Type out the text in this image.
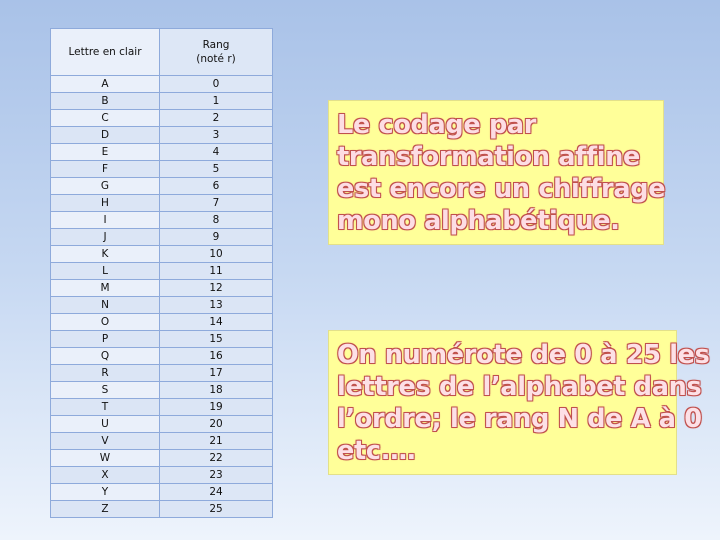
Lettre en clair	Rang
(noté r)
A	0
B	1
C	2
D	3
E	4
F	5
G	6
H	7
I	8
J	9
K	10
L	11
M	12
N	13
O	14
P	15
Q	16
R	17
S	18
T	19
U	20
V	21
W	22
X	23
Y	24
Z	25

Le codage par

transformation affine

est encore un chiffrage

mono alphabétique.

On numérote de 0 à 25 les

lettres de l’alphabet dans

l’ordre; le rang N de A à 0

etc.…
